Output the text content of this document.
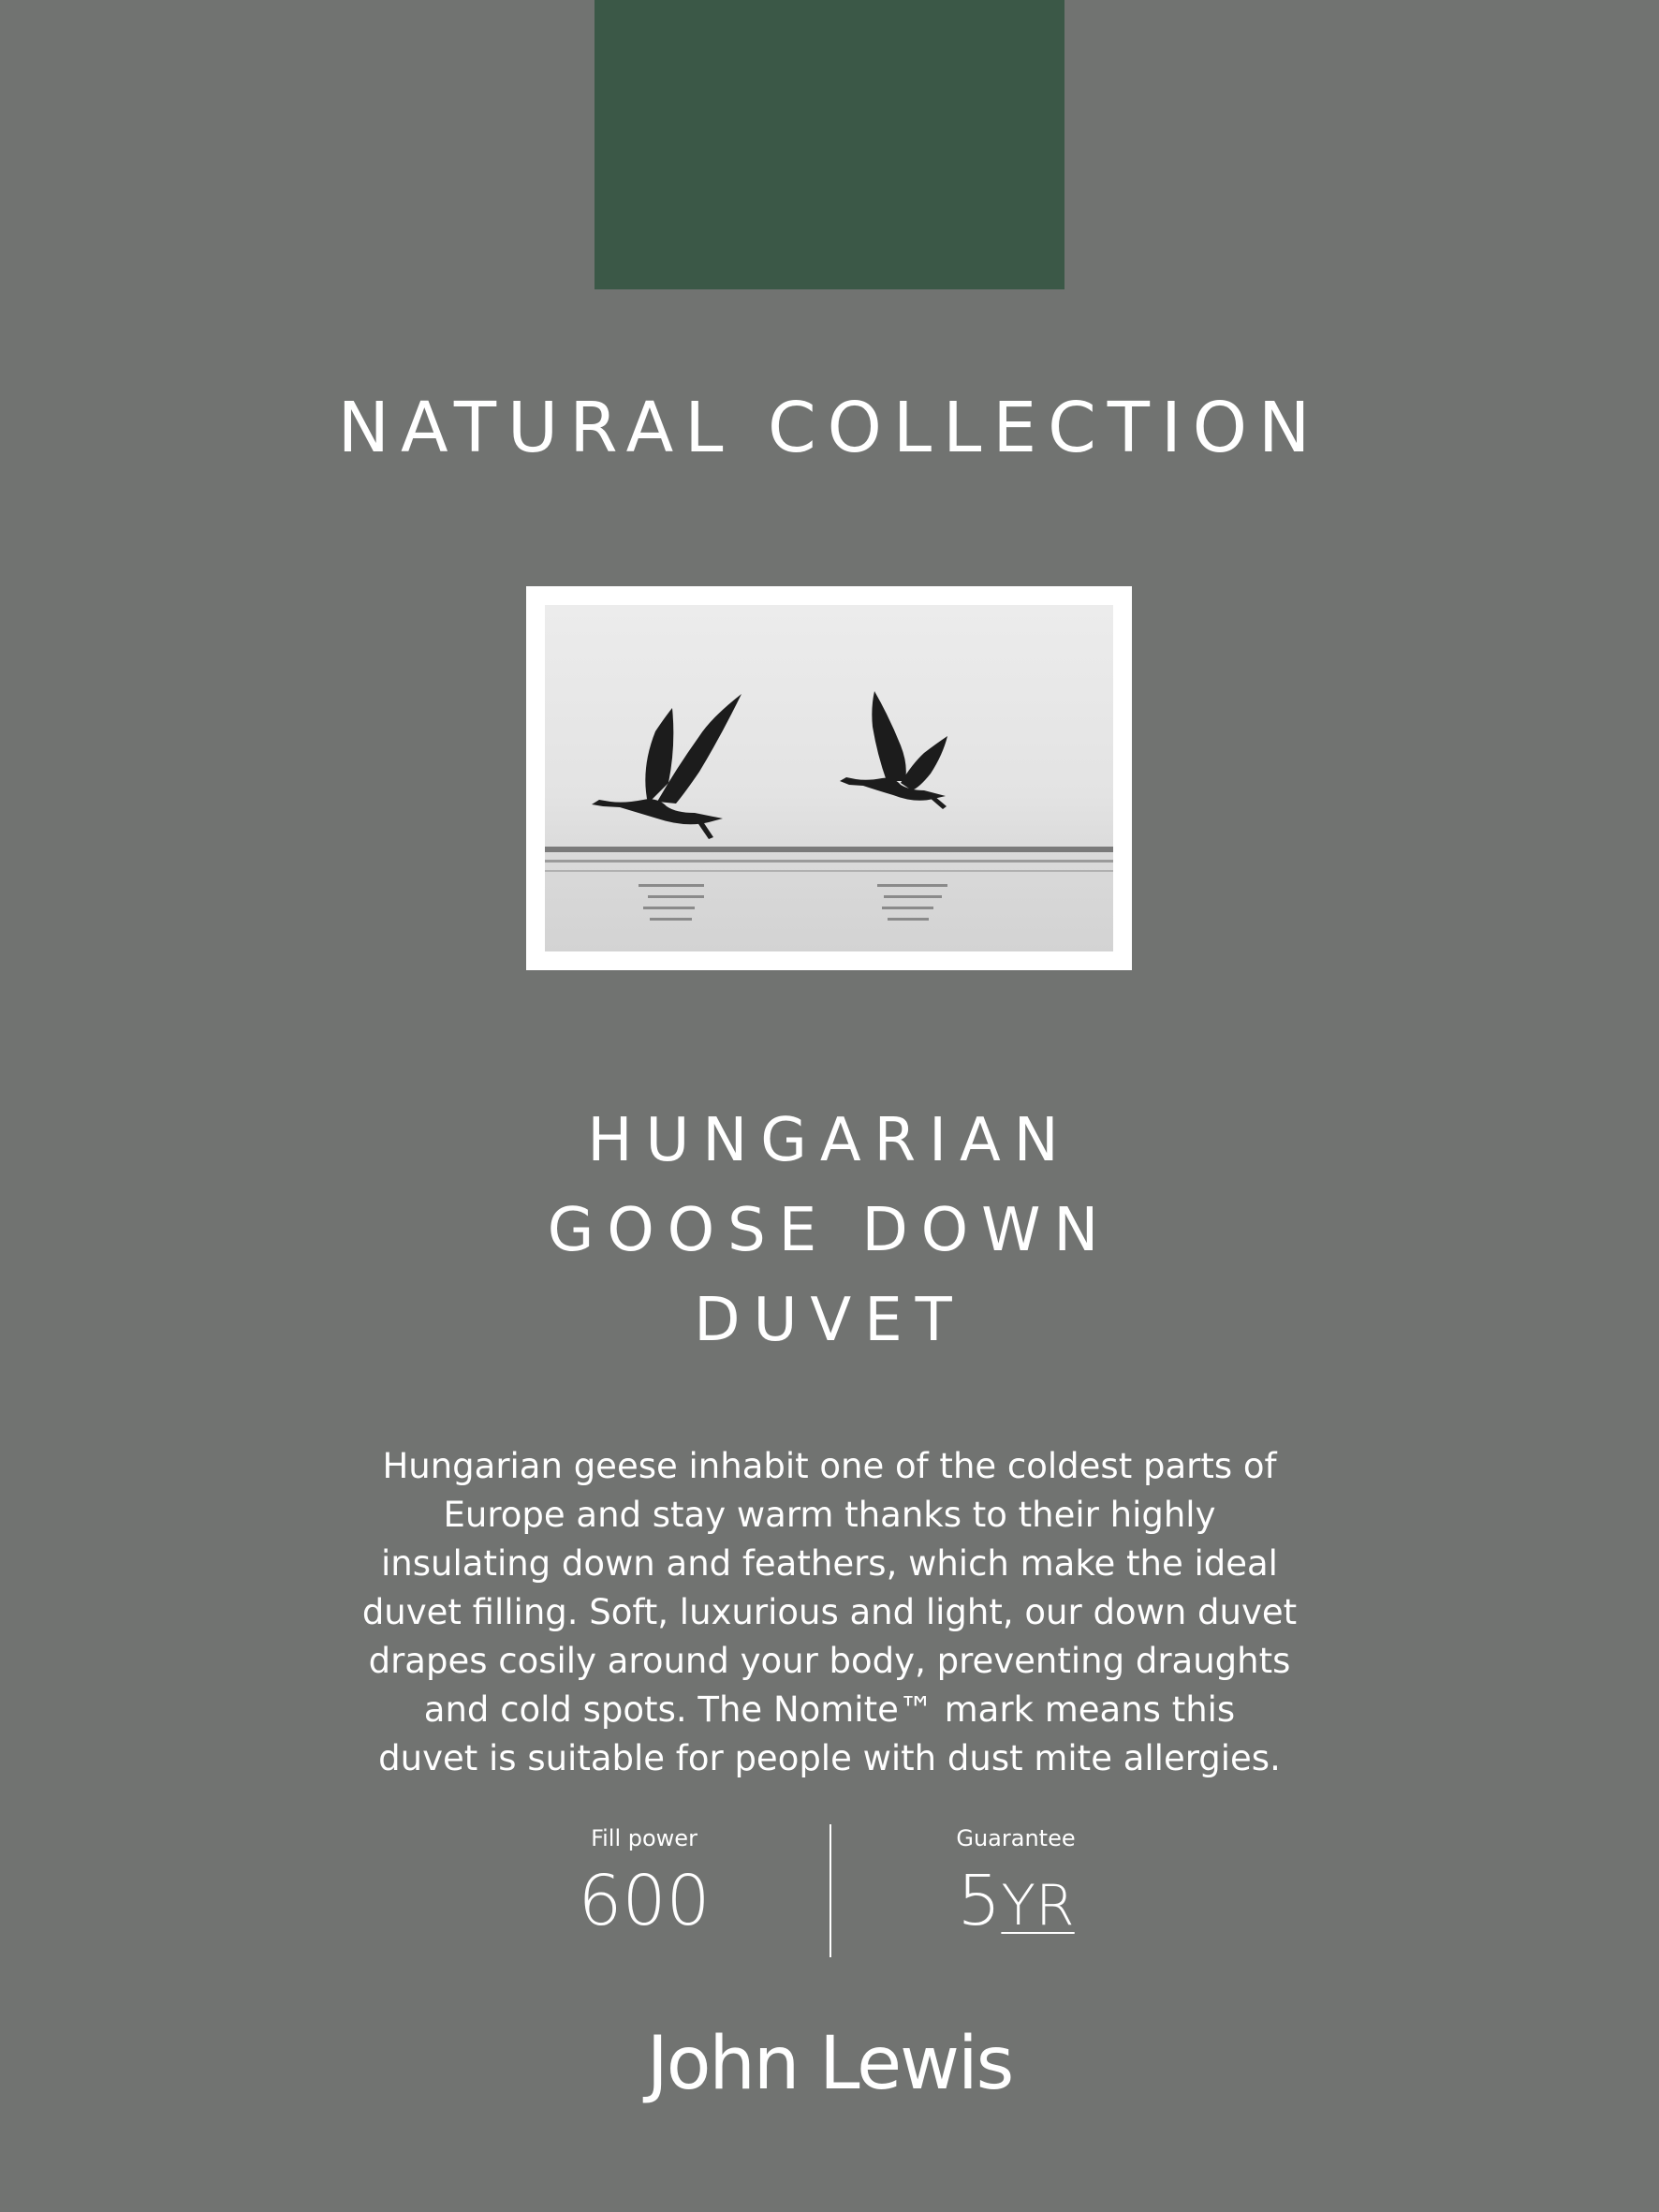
NATURAL COLLECTION
HUNGARIAN
GOOSE DOWN
DUVET
Hungarian geese inhabit one of the coldest parts of
Europe and stay warm thanks to their highly
insulating down and feathers, which make the ideal
duvet filling. Soft, luxurious and light, our down duvet
drapes cosily around your body, preventing draughts
and cold spots. The Nomite™ mark means this
duvet is suitable for people with dust mite allergies.
Fill power
600
Guarantee
5YR
John Lewis
